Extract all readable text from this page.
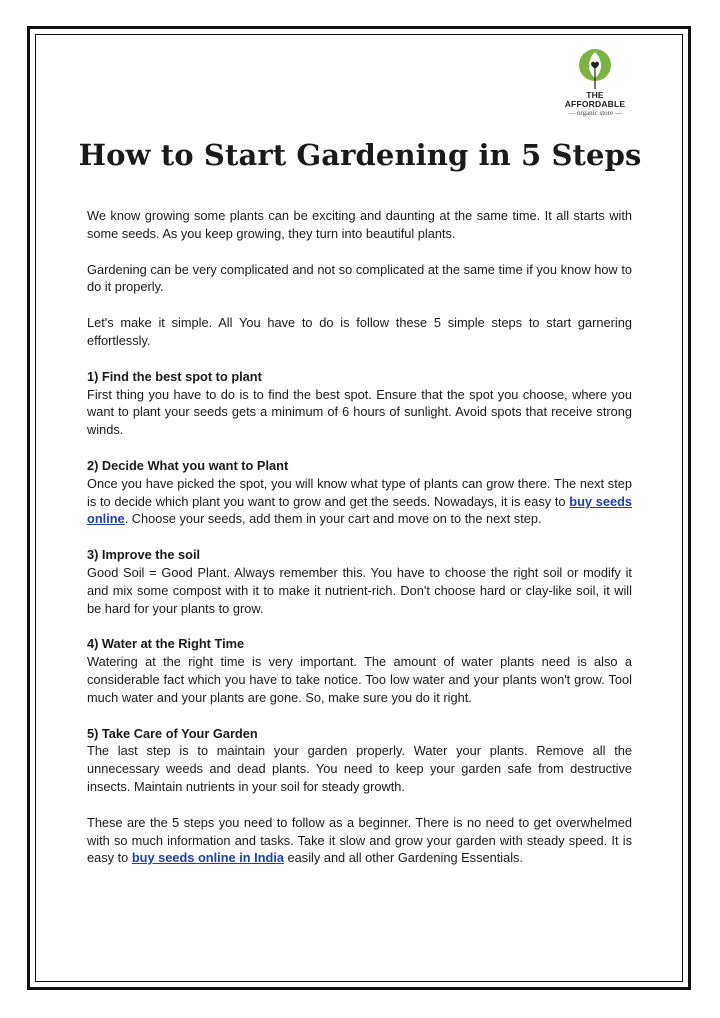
THE AFFORDABLE
— organic store —
How to Start Gardening in 5 Steps

We know growing some plants can be exciting and daunting at the same time. It all starts with some seeds. As you keep growing, they turn into beautiful plants.

Gardening can be very complicated and not so complicated at the same time if you know how to do it properly.

Let's make it simple. All You have to do is follow these 5 simple steps to start garnering effortlessly.

1) Find the best spot to plant
First thing you have to do is to find the best spot. Ensure that the spot you choose, where you want to plant your seeds gets a minimum of 6 hours of sunlight. Avoid spots that receive strong winds.

2) Decide What you want to Plant
Once you have picked the spot, you will know what type of plants can grow there. The next step is to decide which plant you want to grow and get the seeds. Nowadays, it is easy to buy seeds online. Choose your seeds, add them in your cart and move on to the next step.

3) Improve the soil
Good Soil = Good Plant. Always remember this. You have to choose the right soil or modify it and mix some compost with it to make it nutrient-rich. Don't choose hard or clay-like soil, it will be hard for your plants to grow.

4) Water at the Right Time
Watering at the right time is very important. The amount of water plants need is also a considerable fact which you have to take notice. Too low water and your plants won't grow. Tool much water and your plants are gone. So, make sure you do it right.

5) Take Care of Your Garden
The last step is to maintain your garden properly. Water your plants. Remove all the unnecessary weeds and dead plants. You need to keep your garden safe from destructive insects. Maintain nutrients in your soil for steady growth.

These are the 5 steps you need to follow as a beginner. There is no need to get overwhelmed with so much information and tasks. Take it slow and grow your garden with steady speed. It is easy to buy seeds online in India easily and all other Gardening Essentials.
